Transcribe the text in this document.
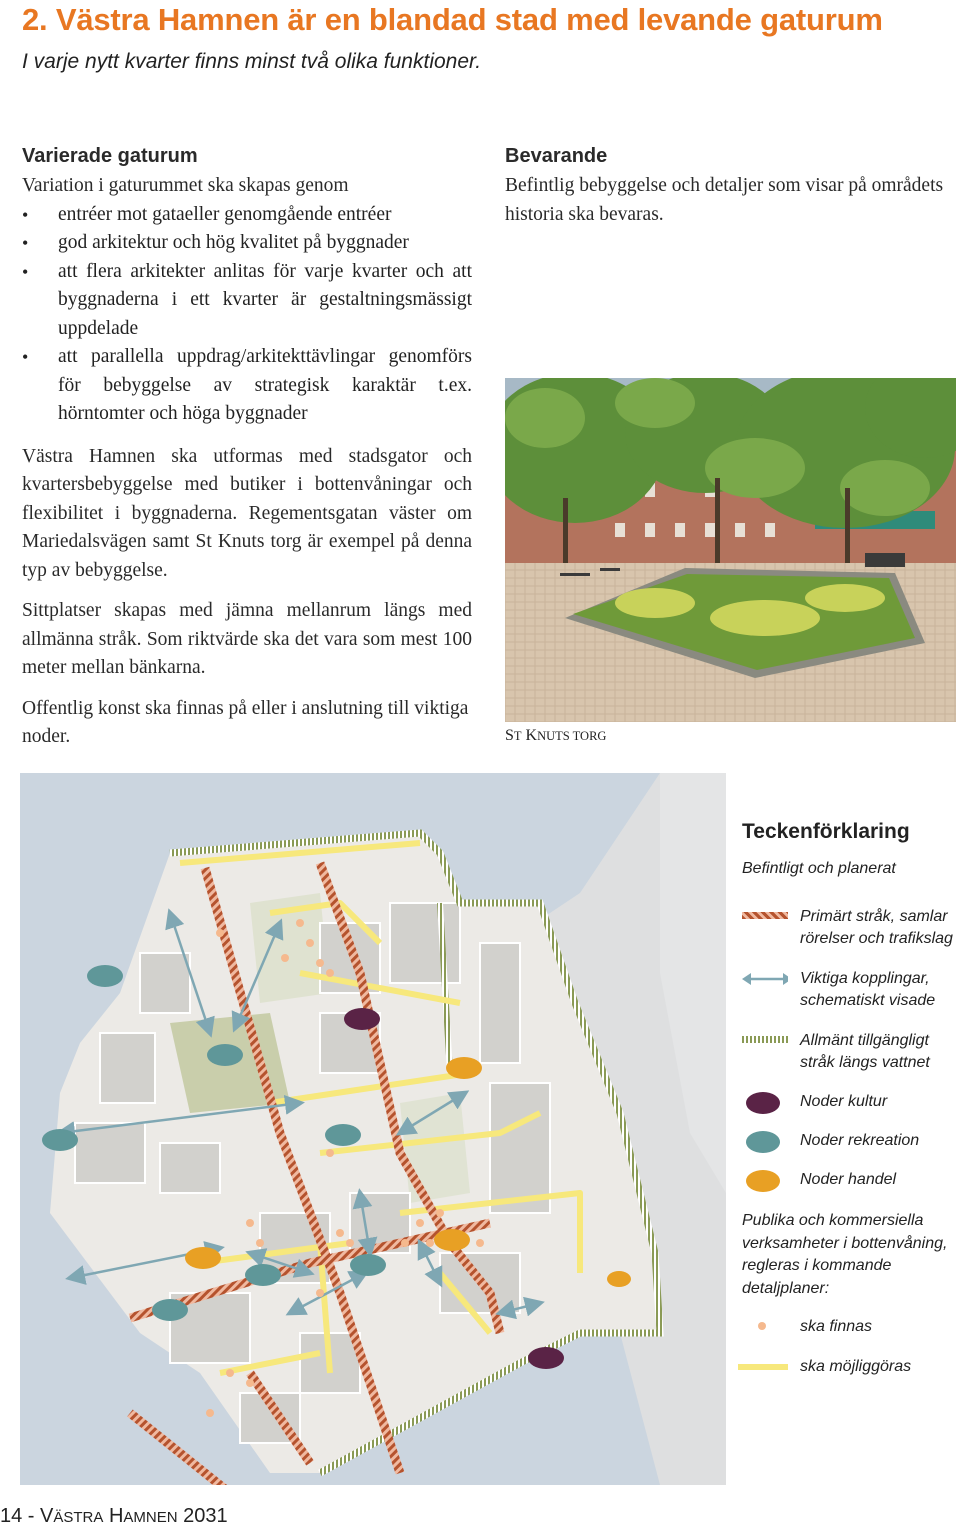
2. Västra Hamnen är en blandad stad med levande gaturum
I varje nytt kvarter finns minst två olika funktioner.
Varierade gaturum

Variation i gaturummet ska skapas genom

• entréer mot gataeller genomgående entréer
• god arkitektur och hög kvalitet på byggnader
• att flera arkitekter anlitas för varje kvarter och att byggnaderna i ett kvarter är gestaltningsmässigt uppdelade
• att parallella uppdrag/arkitekttävlingar genomförs för bebyggelse av strategisk karaktär t.ex. hörntomter och höga byggnader

Västra Hamnen ska utformas med stadsgator och kvartersbebyggelse med butiker i bottenvåningar och flexibilitet i byggnaderna. Regementsgatan väster om Mariedalsvägen samt St Knuts torg är exempel på denna typ av bebyggelse.

Sittplatser skapas med jämna mellanrum längs med allmänna stråk. Som riktvärde ska det vara som mest 100 meter mellan bänkarna.

Offentlig konst ska finnas på eller i anslutning till viktiga noder.

Bevarande

Befintlig bebyggelse och detaljer som visar på områdets historia ska bevaras.

ST KNUTS TORG
Teckenförklaring
Befintligt och planerat
Primärt stråk, samlar rörelser och trafikslag
Viktiga kopplingar, schematiskt visade
Allmänt tillgängligt stråk längs vattnet
Noder kultur
Noder rekreation
Noder handel
Publika och kommersiella verksamheter i bottenvåning, regleras i kommande detaljplaner:
ska finnas
ska möjliggöras
14 - VÄSTRA HAMNEN 2031
